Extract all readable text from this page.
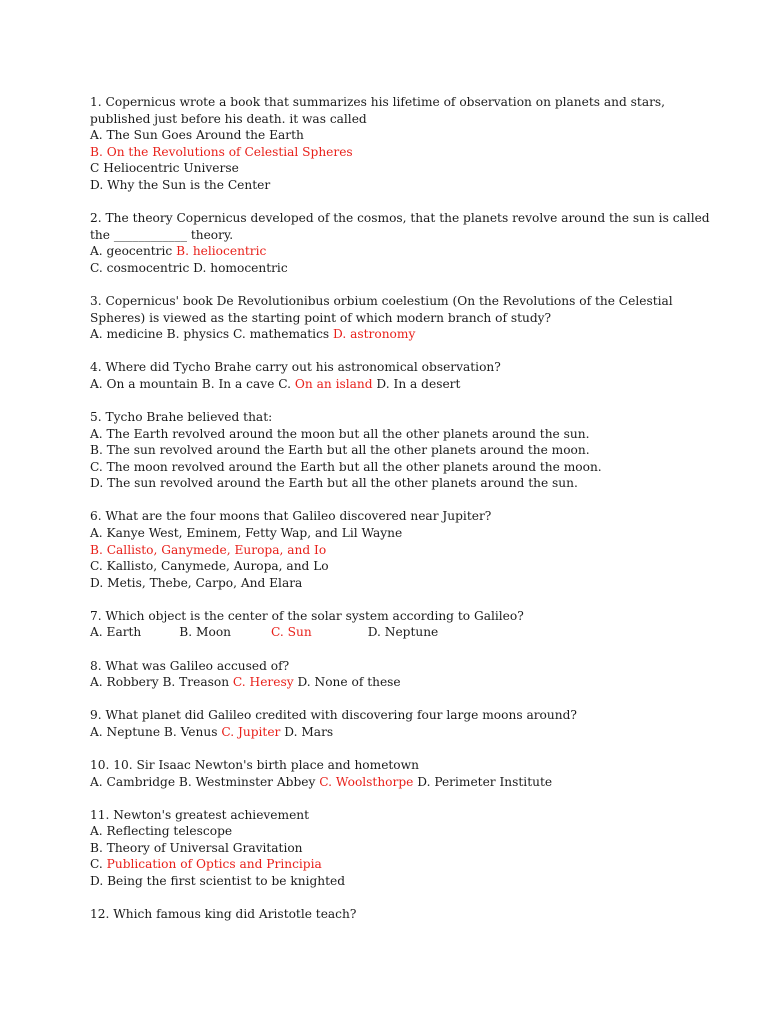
1. Copernicus wrote a book that summarizes his lifetime of observation on planets and stars,
published just before his death. it was called
A. The Sun Goes Around the Earth
B. On the Revolutions of Celestial Spheres
C Heliocentric Universe
D. Why the Sun is the Center
2. The theory Copernicus developed of the cosmos, that the planets revolve around the sun is called
the ____________ theory.
A. geocentric B. heliocentric
C. cosmocentric D. homocentric
3. Copernicus' book De Revolutionibus orbium coelestium (On the Revolutions of the Celestial
Spheres) is viewed as the starting point of which modern branch of study?
A. medicine B. physics C. mathematics D. astronomy
4. Where did Tycho Brahe carry out his astronomical observation?
A. On a mountain B. In a cave C. On an island D. In a desert
5. Tycho Brahe believed that:
A. The Earth revolved around the moon but all the other planets around the sun.
B. The sun revolved around the Earth but all the other planets around the moon.
C. The moon revolved around the Earth but all the other planets around the moon.
D. The sun revolved around the Earth but all the other planets around the sun.
6. What are the four moons that Galileo discovered near Jupiter?
A. Kanye West, Eminem, Fetty Wap, and Lil Wayne
B. Callisto, Ganymede, Europa, and Io
C. Kallisto, Canymede, Auropa, and Lo
D. Metis, Thebe, Carpo, And Elara
7. Which object is the center of the solar system according to Galileo?
A. Earth	B. Moon	C. Sun	D. Neptune
8. What was Galileo accused of?
A. Robbery B. Treason C. Heresy D. None of these
9. What planet did Galileo credited with discovering four large moons around?
A. Neptune B. Venus C. Jupiter D. Mars
10. 10. Sir Isaac Newton's birth place and hometown
A. Cambridge B. Westminster Abbey C. Woolsthorpe D. Perimeter Institute
11. Newton's greatest achievement
A. Reflecting telescope
B. Theory of Universal Gravitation
C. Publication of Optics and Principia
D. Being the first scientist to be knighted
12. Which famous king did Aristotle teach?
